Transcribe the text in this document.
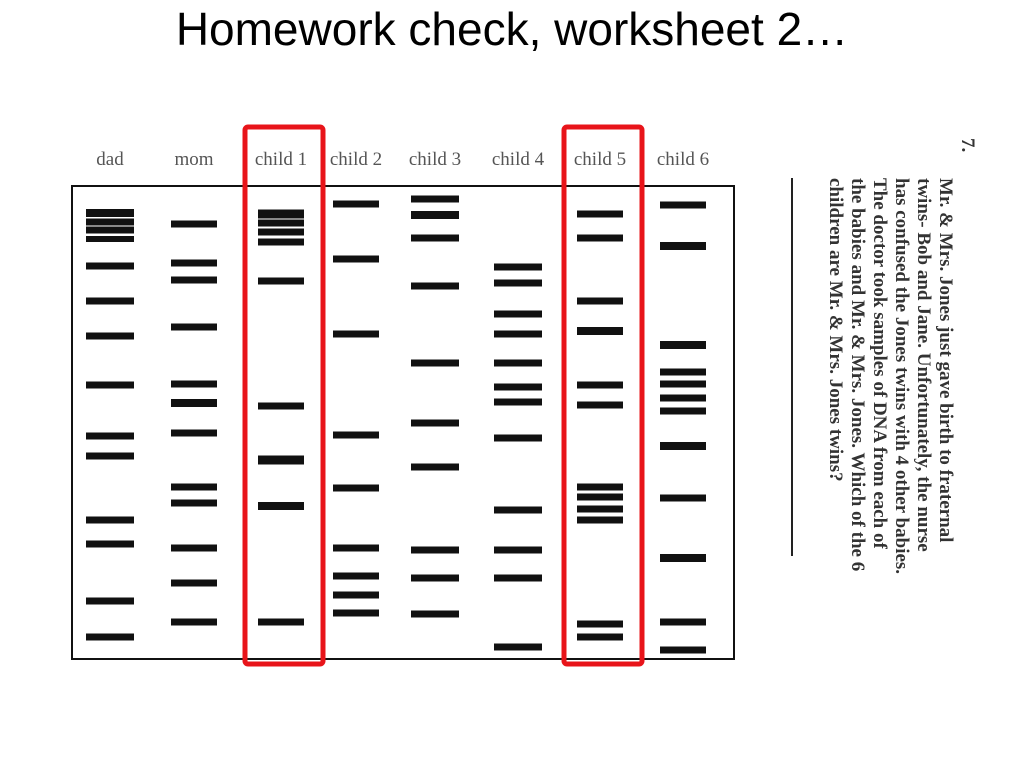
Homework check, worksheet 2…
dad	mom child 1 child 2 child 3 child 4 child 5 child 6
7.
Mr. & Mrs. Jones just gave birth to fraternal
twins- Bob and Jane. Unfortunately, the nurse
has confused the Jones twins with 4 other babies.
The doctor took samples of DNA from each of
the babies and Mr. & Mrs. Jones. Which of the 6
children are Mr. & Mrs. Jones twins?
